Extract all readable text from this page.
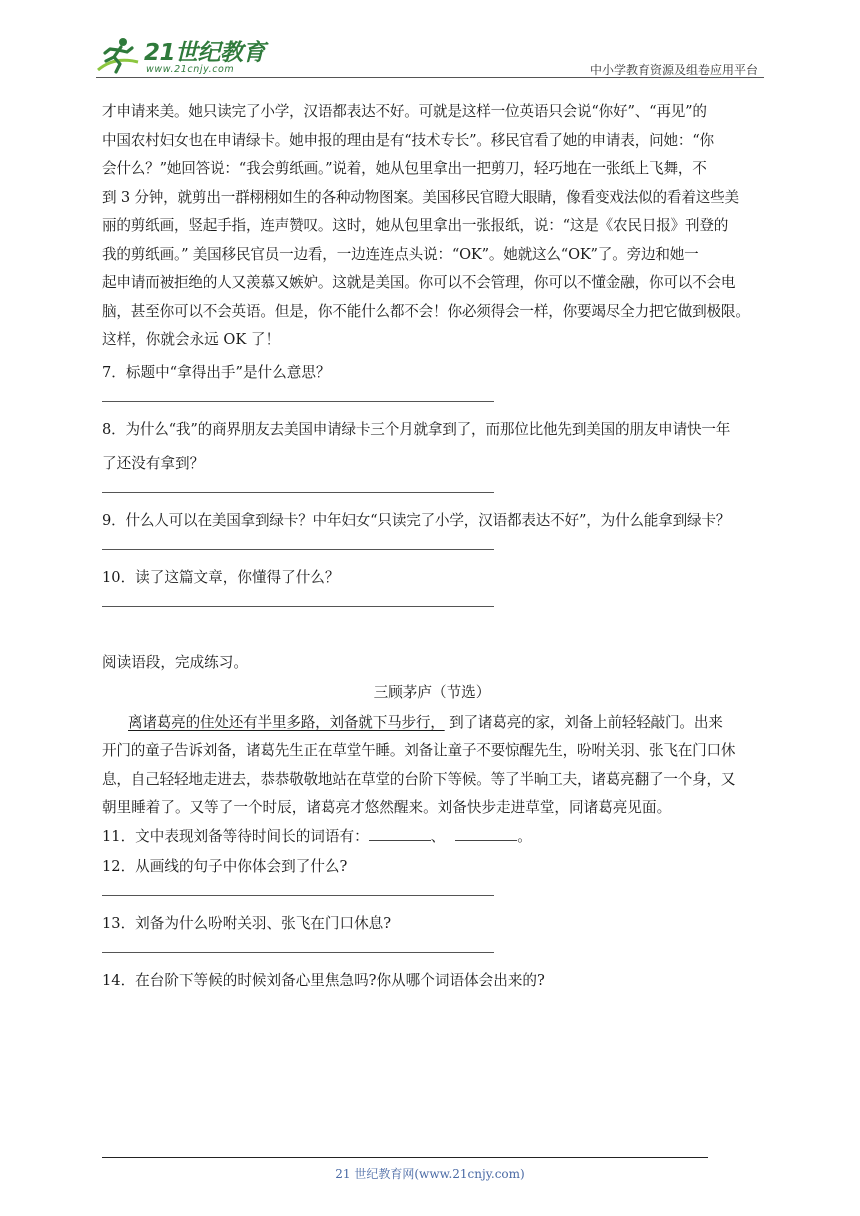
21世纪教育
www.21cnjy.com	中小学教育资源及组卷应用平台

才申请来美。她只读完了小学，汉语都表达不好。可就是这样一位英语只会说“你好”、“再见”的

中国农村妇女也在申请绿卡。她申报的理由是有“技术专长”。移民官看了她的申请表，问她：“你

会什么？”她回答说：“我会剪纸画。”说着，她从包里拿出一把剪刀，轻巧地在一张纸上飞舞，不

到 3 分钟，就剪出一群栩栩如生的各种动物图案。美国移民官瞪大眼睛，像看变戏法似的看着这些美

丽的剪纸画，竖起手指，连声赞叹。这时，她从包里拿出一张报纸，说：“这是《农民日报》刊登的

我的剪纸画。” 美国移民官员一边看，一边连连点头说：“OK”。她就这么“OK”了。旁边和她一

起申请而被拒绝的人又羡慕又嫉妒。这就是美国。你可以不会管理，你可以不懂金融，你可以不会电

脑，甚至你可以不会英语。但是，你不能什么都不会！你必须得会一样，你要竭尽全力把它做到极限。

这样，你就会永远 OK 了！

7．标题中“拿得出手”是什么意思？

8．为什么“我”的商界朋友去美国申请绿卡三个月就拿到了，而那位比他先到美国的朋友申请快一年

了还没有拿到？

9．什么人可以在美国拿到绿卡？中年妇女“只读完了小学，汉语都表达不好”，为什么能拿到绿卡？

10．读了这篇文章，你懂得了什么？

阅读语段，完成练习。

三顾茅庐（节选）

离诸葛亮的住处还有半里多路，刘备就下马步行， 到了诸葛亮的家，刘备上前轻轻敲门。出来

开门的童子告诉刘备，诸葛先生正在草堂午睡。刘备让童子不要惊醒先生，吩咐关羽、张飞在门口休

息，自己轻轻地走进去，恭恭敬敬地站在草堂的台阶下等候。等了半晌工夫，诸葛亮翻了一个身，又

朝里睡着了。又等了一个时辰，诸葛亮才悠然醒来。刘备快步走进草堂，同诸葛亮见面。

11．文中表现刘备等待时间长的词语有：	、	。

12．从画线的句子中你体会到了什么?

13．刘备为什么吩咐关羽、张飞在门口休息?

14．在台阶下等候的时候刘备心里焦急吗?你从哪个词语体会出来的?

21 世纪教育网(www.21cnjy.com)
